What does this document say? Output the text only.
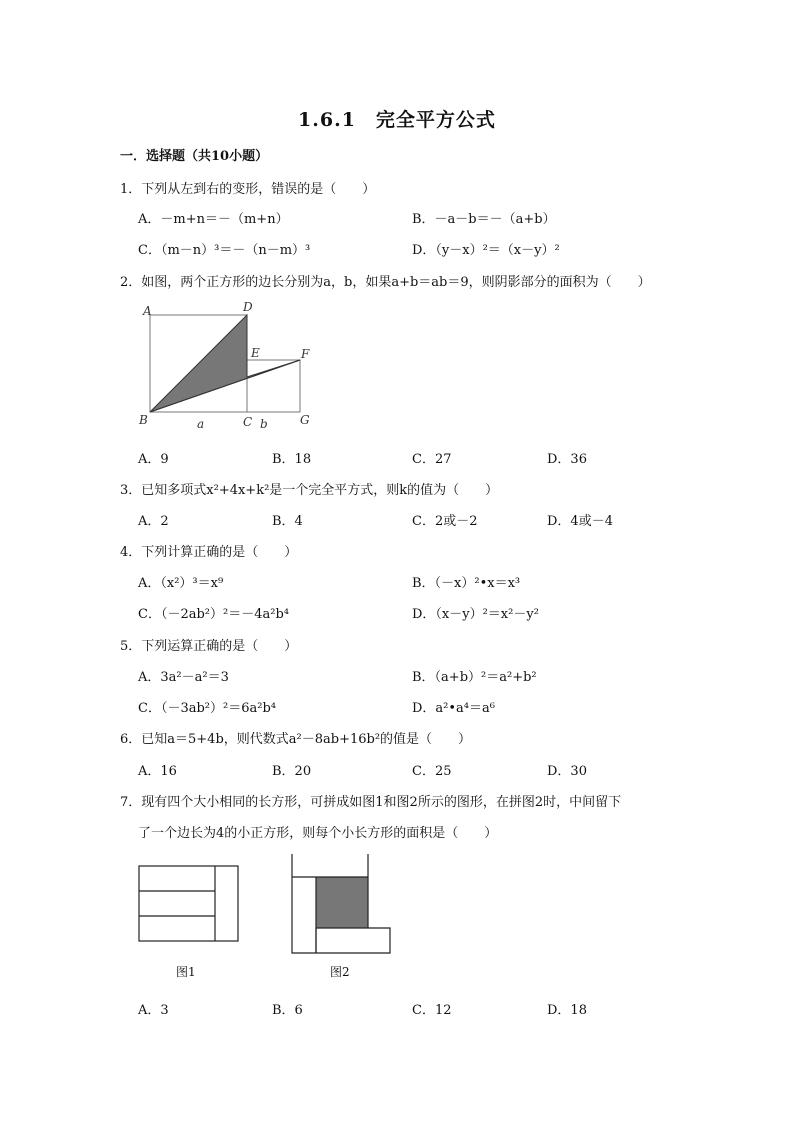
1.6.1　完全平方公式
一．选择题（共10小题）
1．下列从左到右的变形，错误的是（　　）
A．－m+n＝－（m+n）	B．－a－b＝－（a+b）
C．（m－n）³＝－（n－m）³	D．（y－x）²＝（x－y）²
2．如图，两个正方形的边长分别为a，b，如果a+b＝ab＝9，则阴影部分的面积为（　　）
A	D
E	F
B	C	G
a	b
A．9	B．18	C．27	D．36
3．已知多项式x²+4x+k²是一个完全平方式，则k的值为（　　）
A．2	B．4	C．2或－2	D．4或－4
4．下列计算正确的是（　　）
A．（x²）³＝x⁹	B．（－x）²•x＝x³
C．（－2ab²）²＝－4a²b⁴	D．（x－y）²＝x²－y²
5．下列运算正确的是（　　）
A．3a²－a²＝3	B．（a+b）²＝a²+b²
C．（－3ab²）²＝6a²b⁴	D．a²•a⁴＝a⁶
6．已知a＝5+4b，则代数式a²－8ab+16b²的值是（　　）
A．16	B．20	C．25	D．30
7．现有四个大小相同的长方形，可拼成如图1和图2所示的图形，在拼图2时，中间留下
了一个边长为4的小正方形，则每个小长方形的面积是（　　）
图1	图2
A．3	B．6	C．12	D．18
